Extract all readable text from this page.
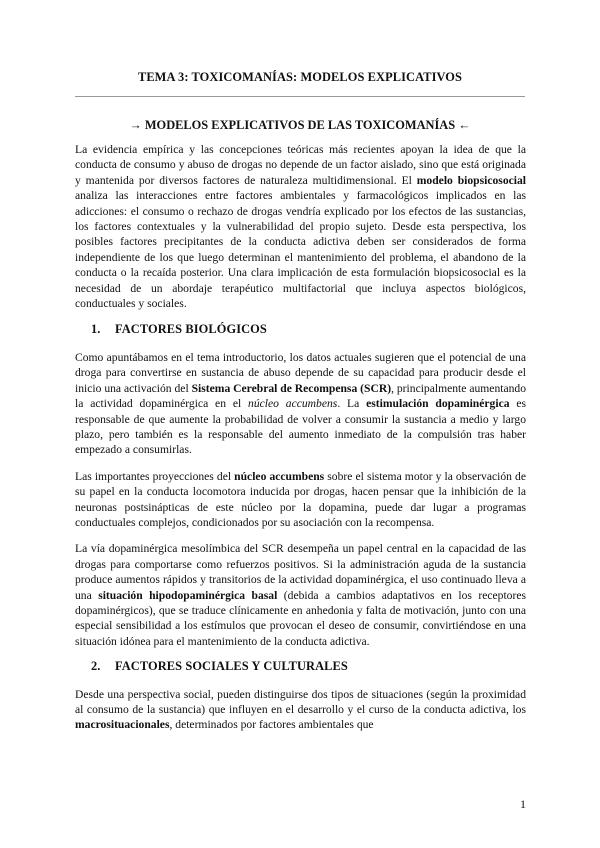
TEMA 3: TOXICOMANÍAS: MODELOS EXPLICATIVOS
→ MODELOS EXPLICATIVOS DE LAS TOXICOMANÍAS ←

La evidencia empírica y las concepciones teóricas más recientes apoyan la idea de que la conducta de consumo y abuso de drogas no depende de un factor aislado, sino que está originada y mantenida por diversos factores de naturaleza multidimensional. El modelo biopsicosocial analiza las interacciones entre factores ambientales y farmacológicos implicados en las adicciones: el consumo o rechazo de drogas vendría explicado por los efectos de las sustancias, los factores contextuales y la vulnerabilidad del propio sujeto. Desde esta perspectiva, los posibles factores precipitantes de la conducta adictiva deben ser considerados de forma independiente de los que luego determinan el mantenimiento del problema, el abandono de la conducta o la recaída posterior. Una clara implicación de esta formulación biopsicosocial es la necesidad de un abordaje terapéutico multifactorial que incluya aspectos biológicos, conductuales y sociales.

1. FACTORES BIOLÓGICOS

Como apuntábamos en el tema introductorio, los datos actuales sugieren que el potencial de una droga para convertirse en sustancia de abuso depende de su capacidad para producir desde el inicio una activación del Sistema Cerebral de Recompensa (SCR), principalmente aumentando la actividad dopaminérgica en el núcleo accumbens. La estimulación dopaminérgica es responsable de que aumente la probabilidad de volver a consumir la sustancia a medio y largo plazo, pero también es la responsable del aumento inmediato de la compulsión tras haber empezado a consumirlas.

Las importantes proyecciones del núcleo accumbens sobre el sistema motor y la observación de su papel en la conducta locomotora inducida por drogas, hacen pensar que la inhibición de la neuronas postsinápticas de este núcleo por la dopamina, puede dar lugar a programas conductuales complejos, condicionados por su asociación con la recompensa.

La vía dopaminérgica mesolímbica del SCR desempeña un papel central en la capacidad de las drogas para comportarse como refuerzos positivos. Si la administración aguda de la sustancia produce aumentos rápidos y transitorios de la actividad dopaminérgica, el uso continuado lleva a una situación hipodopaminérgica basal (debida a cambios adaptativos en los receptores dopaminérgicos), que se traduce clínicamente en anhedonia y falta de motivación, junto con una especial sensibilidad a los estímulos que provocan el deseo de consumir, convirtiéndose en una situación idónea para el mantenimiento de la conducta adictiva.

2. FACTORES SOCIALES Y CULTURALES

Desde una perspectiva social, pueden distinguirse dos tipos de situaciones (según la proximidad al consumo de la sustancia) que influyen en el desarrollo y el curso de la conducta adictiva, los macrosituacionales, determinados por factores ambientales que

1
